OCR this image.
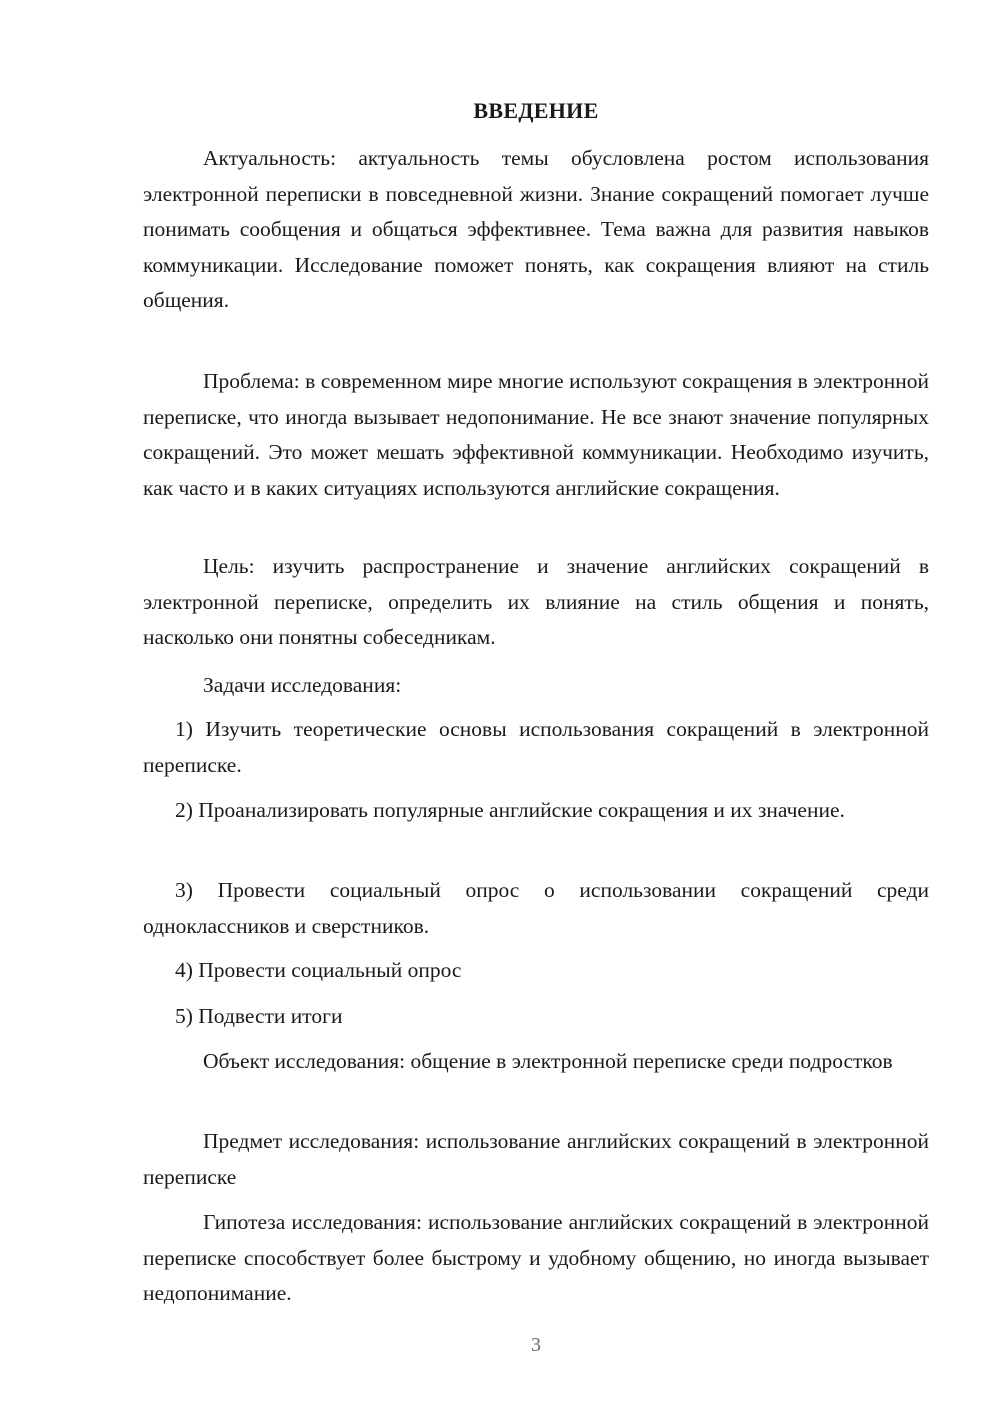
ВВЕДЕНИЕ

Актуальность: актуальность темы обусловлена ростом использования электронной переписки в повседневной жизни. Знание сокращений помогает лучше понимать сообщения и общаться эффективнее. Тема важна для развития навыков коммуникации. Исследование поможет понять, как сокращения влияют на стиль общения.

Проблема: в современном мире многие используют сокращения в электронной переписке, что иногда вызывает недопонимание. Не все знают значение популярных сокращений. Это может мешать эффективной коммуникации. Необходимо изучить, как часто и в каких ситуациях используются английские сокращения.

Цель: изучить распространение и значение английских сокращений в электронной переписке, определить их влияние на стиль общения и понять, насколько они понятны собеседникам.

Задачи исследования:

1) Изучить теоретические основы использования сокращений в электронной переписке.

2) Проанализировать популярные английские сокращения и их значение.

3) Провести социальный опрос о использовании сокращений среди одноклассников и сверстников.

4) Провести социальный опрос

5) Подвести итоги

Объект исследования: общение в электронной переписке среди подростков

Предмет исследования: использование английских сокращений в электронной переписке

Гипотеза исследования: использование английских сокращений в электронной переписке способствует более быстрому и удобному общению, но иногда вызывает недопонимание.

3
